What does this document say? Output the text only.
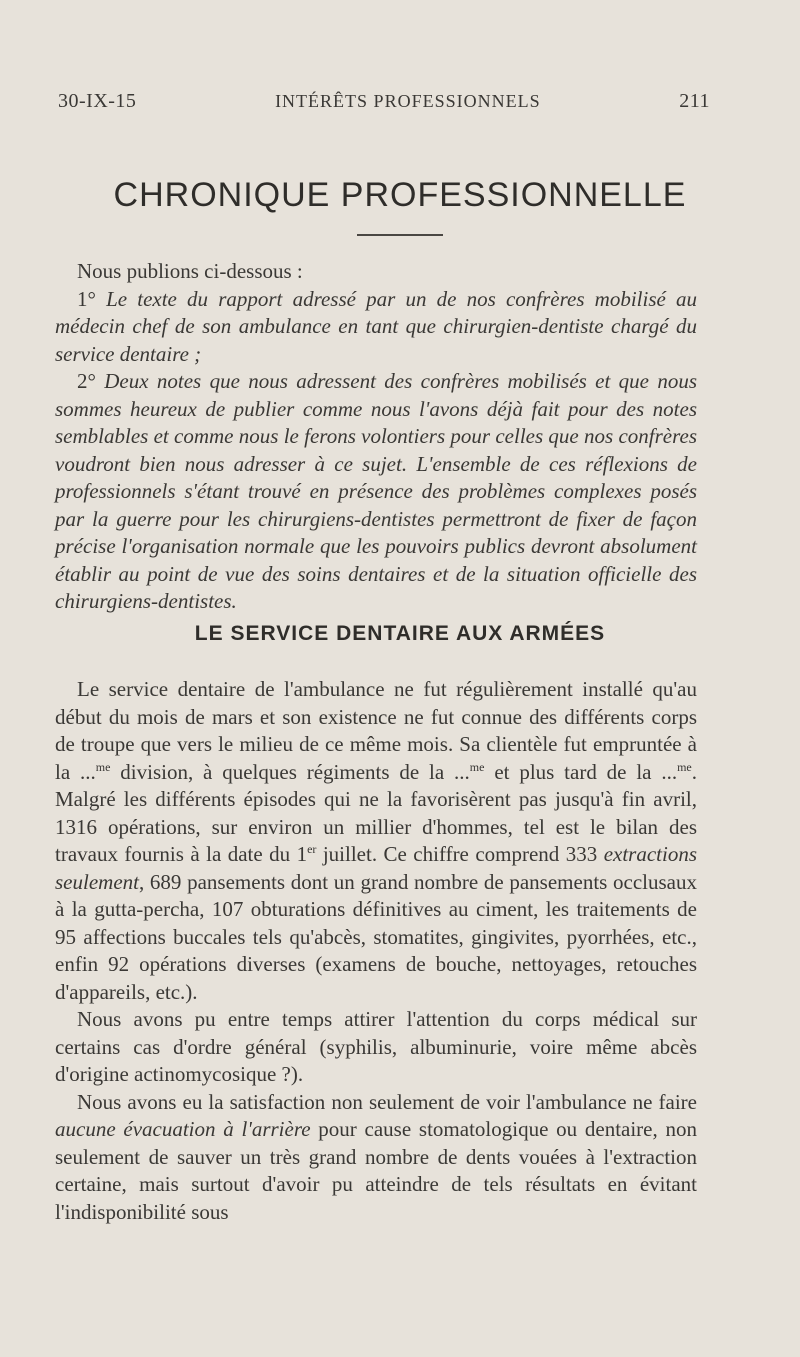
30-IX-15	INTÉRÊTS PROFESSIONNELS	211
CHRONIQUE PROFESSIONNELLE

Nous publions ci-dessous :

1° Le texte du rapport adressé par un de nos confrères mobilisé au médecin chef de son ambulance en tant que chirurgien-dentiste chargé du service dentaire ;

2° Deux notes que nous adressent des confrères mobilisés et que nous sommes heureux de publier comme nous l'avons déjà fait pour des notes semblables et comme nous le ferons volontiers pour celles que nos confrères voudront bien nous adresser à ce sujet. L'ensemble de ces réflexions de professionnels s'étant trouvé en présence des problèmes complexes posés par la guerre pour les chirurgiens-dentistes permettront de fixer de façon précise l'organisation normale que les pouvoirs publics devront absolument établir au point de vue des soins dentaires et de la situation officielle des chirurgiens-dentistes.

LE SERVICE DENTAIRE AUX ARMÉES

Le service dentaire de l'ambulance ne fut régulièrement installé qu'au début du mois de mars et son existence ne fut connue des différents corps de troupe que vers le milieu de ce même mois. Sa clientèle fut empruntée à la ...$^{me}$ division, à quelques régiments de la ...$^{me}$ et plus tard de la ...$^{me}$. Malgré les différents épisodes qui ne la favorisèrent pas jusqu'à fin avril, 1316 opérations, sur environ un millier d'hommes, tel est le bilan des travaux fournis à la date du 1er juillet. Ce chiffre comprend 333 extractions seulement, 689 pansements dont un grand nombre de pansements occlusaux à la gutta-percha, 107 obturations définitives au ciment, les traitements de 95 affections buccales tels qu'abcès, stomatites, gingivites, pyorrhées, etc., enfin 92 opérations diverses (examens de bouche, nettoyages, retouches d'appareils, etc.).

Nous avons pu entre temps attirer l'attention du corps médical sur certains cas d'ordre général (syphilis, albuminurie, voire même abcès d'origine actinomycosique ?).

Nous avons eu la satisfaction non seulement de voir l'ambulance ne faire aucune évacuation à l'arrière pour cause stomatologique ou dentaire, non seulement de sauver un très grand nombre de dents vouées à l'extraction certaine, mais surtout d'avoir pu atteindre de tels résultats en évitant l'indisponibilité sous
